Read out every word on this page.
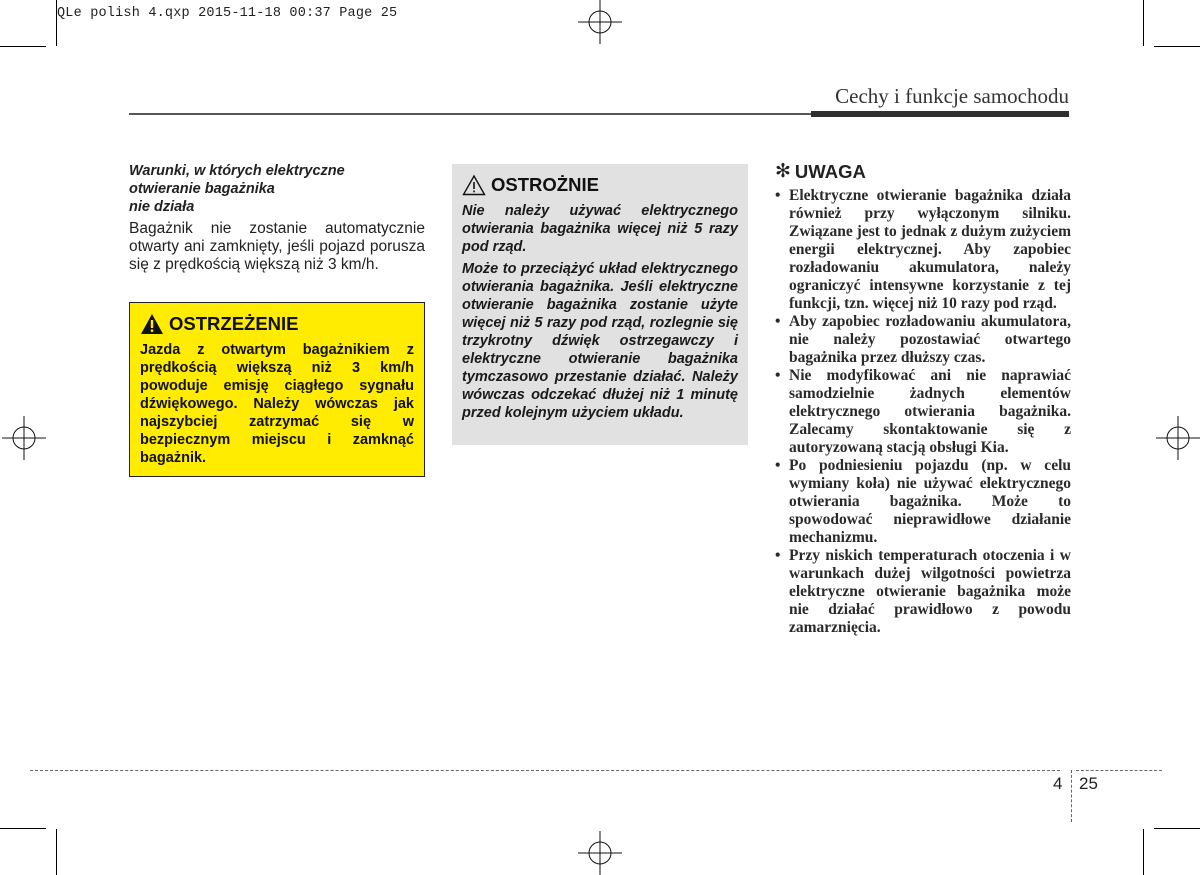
QLe polish 4.qxp 2015-11-18 00:37 Page 25
Cechy i funkcje samochodu
Warunki, w których elektryczne
otwieranie bagażnika
nie działa
Bagażnik nie zostanie automatycznie otwarty ani zamknięty, jeśli pojazd porusza się z prędkością większą niż 3 km/h.
OSTRZEŻENIE
Jazda z otwartym bagażnikiem z prędkością większą niż 3 km/h powoduje emisję ciągłego sygnału dźwiękowego. Należy wówczas jak najszybciej zatrzymać się w bezpiecznym miejscu i zamknąć bagażnik.
OSTROŻNIE

Nie należy używać elektrycznego otwierania bagażnika więcej niż 5 razy pod rząd.

Może to przeciążyć układ elektrycznego otwierania bagażnika. Jeśli elektryczne otwieranie bagażnika zostanie użyte więcej niż 5 razy pod rząd, rozlegnie się trzykrotny dźwięk ostrzegawczy i elektryczne otwieranie bagażnika tymczasowo przestanie działać. Należy wówczas odczekać dłużej niż 1 minutę przed kolejnym użyciem układu.

✻ UWAGA
• Elektryczne otwieranie bagażnika działa również przy wyłączonym silniku. Związane jest to jednak z dużym zużyciem energii elektrycznej. Aby zapobiec rozładowaniu akumulatora, należy ograniczyć intensywne korzystanie z tej funkcji, tzn. więcej niż 10 razy pod rząd.
• Aby zapobiec rozładowaniu akumulatora, nie należy pozostawiać otwartego bagażnika przez dłuższy czas.
• Nie modyfikować ani nie naprawiać samodzielnie żadnych elementów elektrycznego otwierania bagażnika. Zalecamy skontaktowanie się z autoryzowaną stacją obsługi Kia.
• Po podniesieniu pojazdu (np. w celu wymiany koła) nie używać elektrycznego otwierania bagażnika. Może to spowodować nieprawidłowe działanie mechanizmu.
• Przy niskich temperaturach otoczenia i w warunkach dużej wilgotności powietrza elektryczne otwieranie bagażnika może nie działać prawidłowo z powodu zamarznięcia.
4 25
